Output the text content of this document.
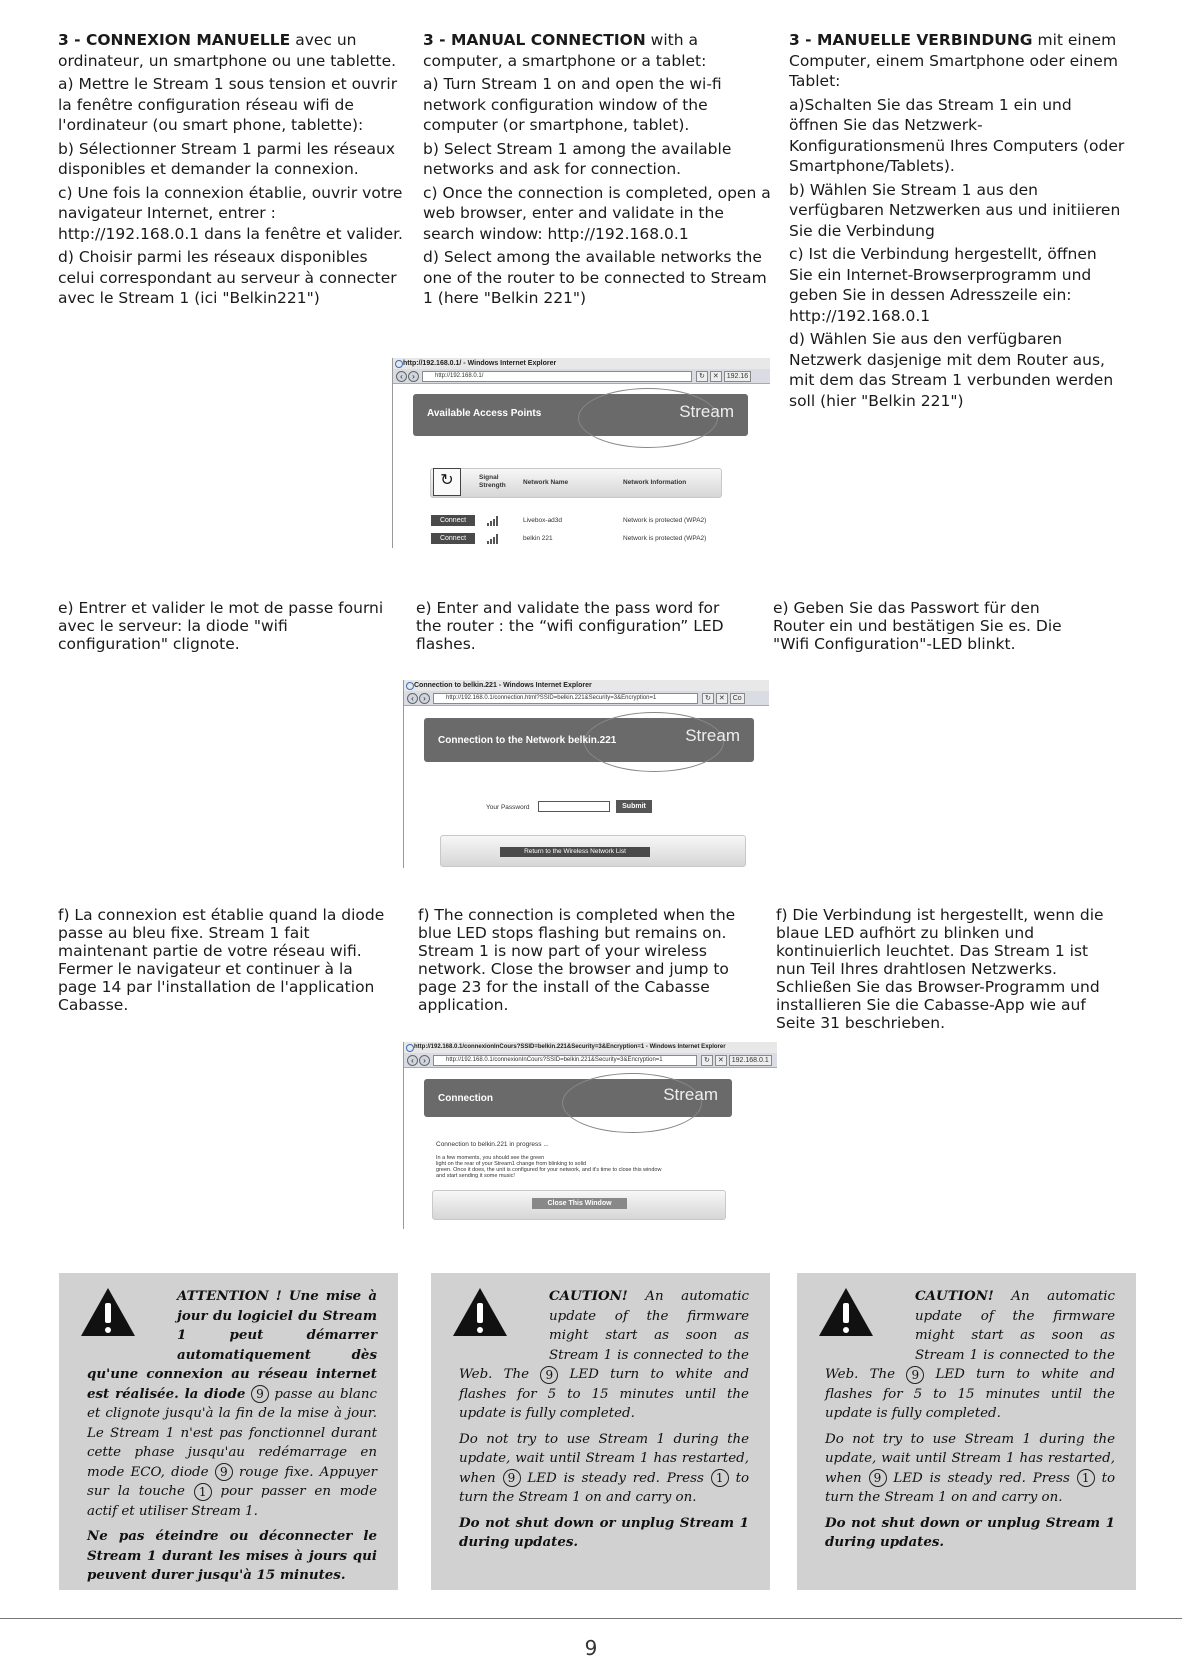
3 - CONNEXION MANUELLE avec un ordinateur, un smartphone ou une tablette.

a) Mettre le Stream 1 sous tension et ouvrir la fenêtre configuration réseau wifi de l'ordinateur (ou smart phone, tablette):

b) Sélectionner Stream 1 parmi les réseaux disponibles et demander la connexion.

c) Une fois la connexion établie, ouvrir votre navigateur Internet, entrer : http://192.168.0.1 dans la fenêtre et valider.

d) Choisir parmi les réseaux disponibles celui correspondant au serveur à connecter avec le Stream 1 (ici "Belkin221")

3 - MANUAL CONNECTION with a computer, a smartphone or a tablet:

a) Turn Stream 1 on and open the wi-fi network configuration window of the computer (or smartphone, tablet).

b) Select Stream 1 among the available networks and ask for connection.

c) Once the connection is completed, open a web browser, enter and validate in the search window: http://192.168.0.1

d) Select among the available networks the one of the router to be connected to Stream 1 (here "Belkin 221")

3 - MANUELLE VERBINDUNG mit einem Computer, einem Smartphone oder einem Tablet:

a)Schalten Sie das Stream 1 ein und öffnen Sie das Netzwerk-Konfigurationsmenü Ihres Computers (oder Smartphone/Tablets).

b) Wählen Sie Stream 1 aus den verfügbaren Netzwerken aus und initiieren Sie die Verbindung

c) Ist die Verbindung hergestellt, öffnen Sie ein Internet-Browserprogramm und geben Sie in dessen Adresszeile ein: http://192.168.0.1

d) Wählen Sie aus den verfügbaren Netzwerk dasjenige mit dem Router aus, mit dem das Stream 1 verbunden werden soll (hier "Belkin 221")

http://192.168.0.1/ - Windows Internet Explorer
‹	›	http://192.168.0.1/	↻ ✕ 192.16
Available Access Points	Stream
↻	Signal Strength	Network Name	Network Information
Connect	Livebox-ad3d	Network is protected (WPA2)
Connect	belkin 221	Network is protected (WPA2)
e) Entrer et valider le mot de passe fourni avec le serveur: la diode "wifi configuration" clignote.
e) Enter and validate the pass word for the router : the “wifi configuration” LED flashes.
e) Geben Sie das Passwort für den Router ein und bestätigen Sie es. Die "Wifi Configuration"-LED blinkt.
Connection to belkin.221 - Windows Internet Explorer
‹	›	http://192.168.0.1/connection.html?SSID=belkin.221&Security=3&Encryption=1	↻ ✕ Co
Connection to the Network belkin.221	Stream
Your Password	Submit
Return to the Wireless Network List
f) La connexion est établie quand la diode passe au bleu fixe. Stream 1 fait maintenant partie de votre réseau wifi. Fermer le navigateur et continuer à la page 14 par l'installation de l'application Cabasse.
f) The connection is completed when the blue LED stops flashing but remains on. Stream 1 is now part of your wireless network. Close the browser and jump to page 23 for the install of the Cabasse application.
f) Die Verbindung ist hergestellt, wenn die blaue LED aufhört zu blinken und kontinuierlich leuchtet. Das Stream 1 ist nun Teil Ihres drahtlosen Netzwerks. Schließen Sie das Browser-Programm und installieren Sie die Cabasse-App wie auf Seite 31 beschrieben.
http://192.168.0.1/connexionInCours?SSID=belkin.221&Security=3&Encryption=1 - Windows Internet Explorer
‹	›	http://192.168.0.1/connexionInCours?SSID=belkin.221&Security=3&Encryption=1	↻ ✕ 192.168.0.1
Connection	Stream
Connection to belkin.221 in progress ...
In a few moments, you should see the green
light on the rear of your Stream1 change from blinking to solid
green. Once it does, the unit is configured for your network, and it's time to close this window
and start sending it some music!
Close This Window

ATTENTION ! Une mise à jour du logiciel du Stream 1 peut démarrer automatiquement dès qu'une connexion au réseau internet est réalisée. la diode 9 passe au blanc et clignote jusqu'à la fin de la mise à jour. Le Stream 1 n'est pas fonctionnel durant cette phase jusqu'au redémarrage en mode ECO, diode 9 rouge fixe. Appuyer sur la touche 1 pour passer en mode actif et utiliser Stream 1.

Ne pas éteindre ou déconnecter le Stream 1 durant les mises à jours qui peuvent durer jusqu'à 15 minutes.

CAUTION! An automatic update of the firmware might start as soon as Stream 1 is connected to the Web. The 9 LED turn to white and flashes for 5 to 15 minutes until the update is fully completed.

Do not try to use Stream 1 during the update, wait until Stream 1 has restarted, when 9 LED is steady red. Press 1 to turn the Stream 1 on and carry on.

Do not shut down or unplug Stream 1 during updates.

CAUTION! An automatic update of the firmware might start as soon as Stream 1 is connected to the Web. The 9 LED turn to white and flashes for 5 to 15 minutes until the update is fully completed.

Do not try to use Stream 1 during the update, wait until Stream 1 has restarted, when 9 LED is steady red. Press 1 to turn the Stream 1 on and carry on.

Do not shut down or unplug Stream 1 during updates.

9
